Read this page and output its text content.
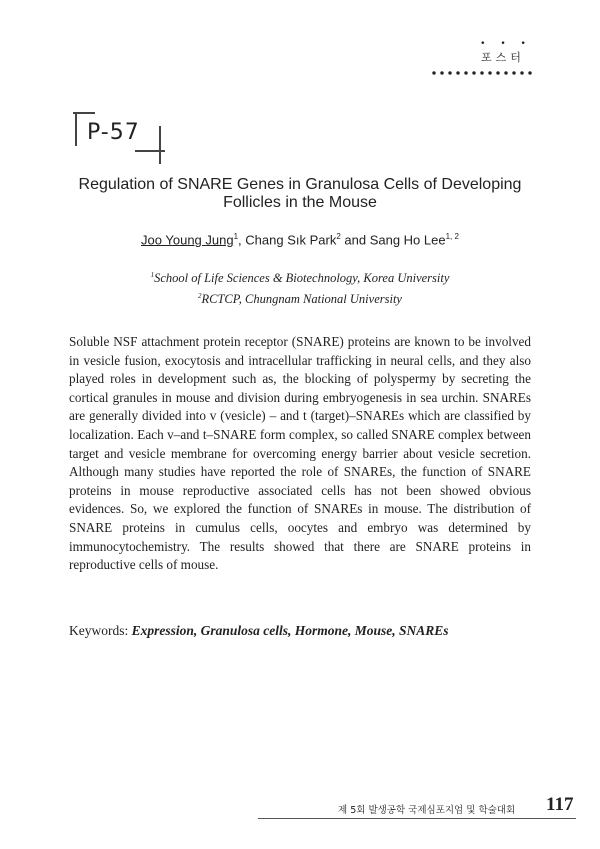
• • •
포스터
P-57
Regulation of SNARE Genes in Granulosa Cells of Developing Follicles in the Mouse
Joo Young Jung$^1$, Chang Sık Park$^2$ and Sang Ho Lee$^{1, 2}$
$^1$School of Life Sciences & Biotechnology, Korea University
$^2$RCTCP, Chungnam National University
Soluble NSF attachment protein receptor (SNARE) proteins are known to be involved in vesicle fusion, exocytosis and intracellular trafficking in neural cells, and they also played roles in development such as, the blocking of polyspermy by secreting the cortical granules in mouse and division during embryogenesis in sea urchin. SNAREs are generally divided into v (vesicle) – and t (target)–SNAREs which are classified by localization. Each v–and t–SNARE form complex, so called SNARE complex between target and vesicle membrane for overcoming energy barrier about vesicle secretion. Although many studies have reported the role of SNAREs, the function of SNARE proteins in mouse reproductive associated cells has not been showed obvious evidences. So, we explored the function of SNAREs in mouse. The distribution of SNARE proteins in cumulus cells, oocytes and embryo was determined by immunocytochemistry. The results showed that there are SNARE proteins in reproductive cells of mouse.
Keywords: Expression, Granulosa cells, Hormone, Mouse, SNAREs
제 5회 발생공학 국제심포지엄 및 학술대회 117
